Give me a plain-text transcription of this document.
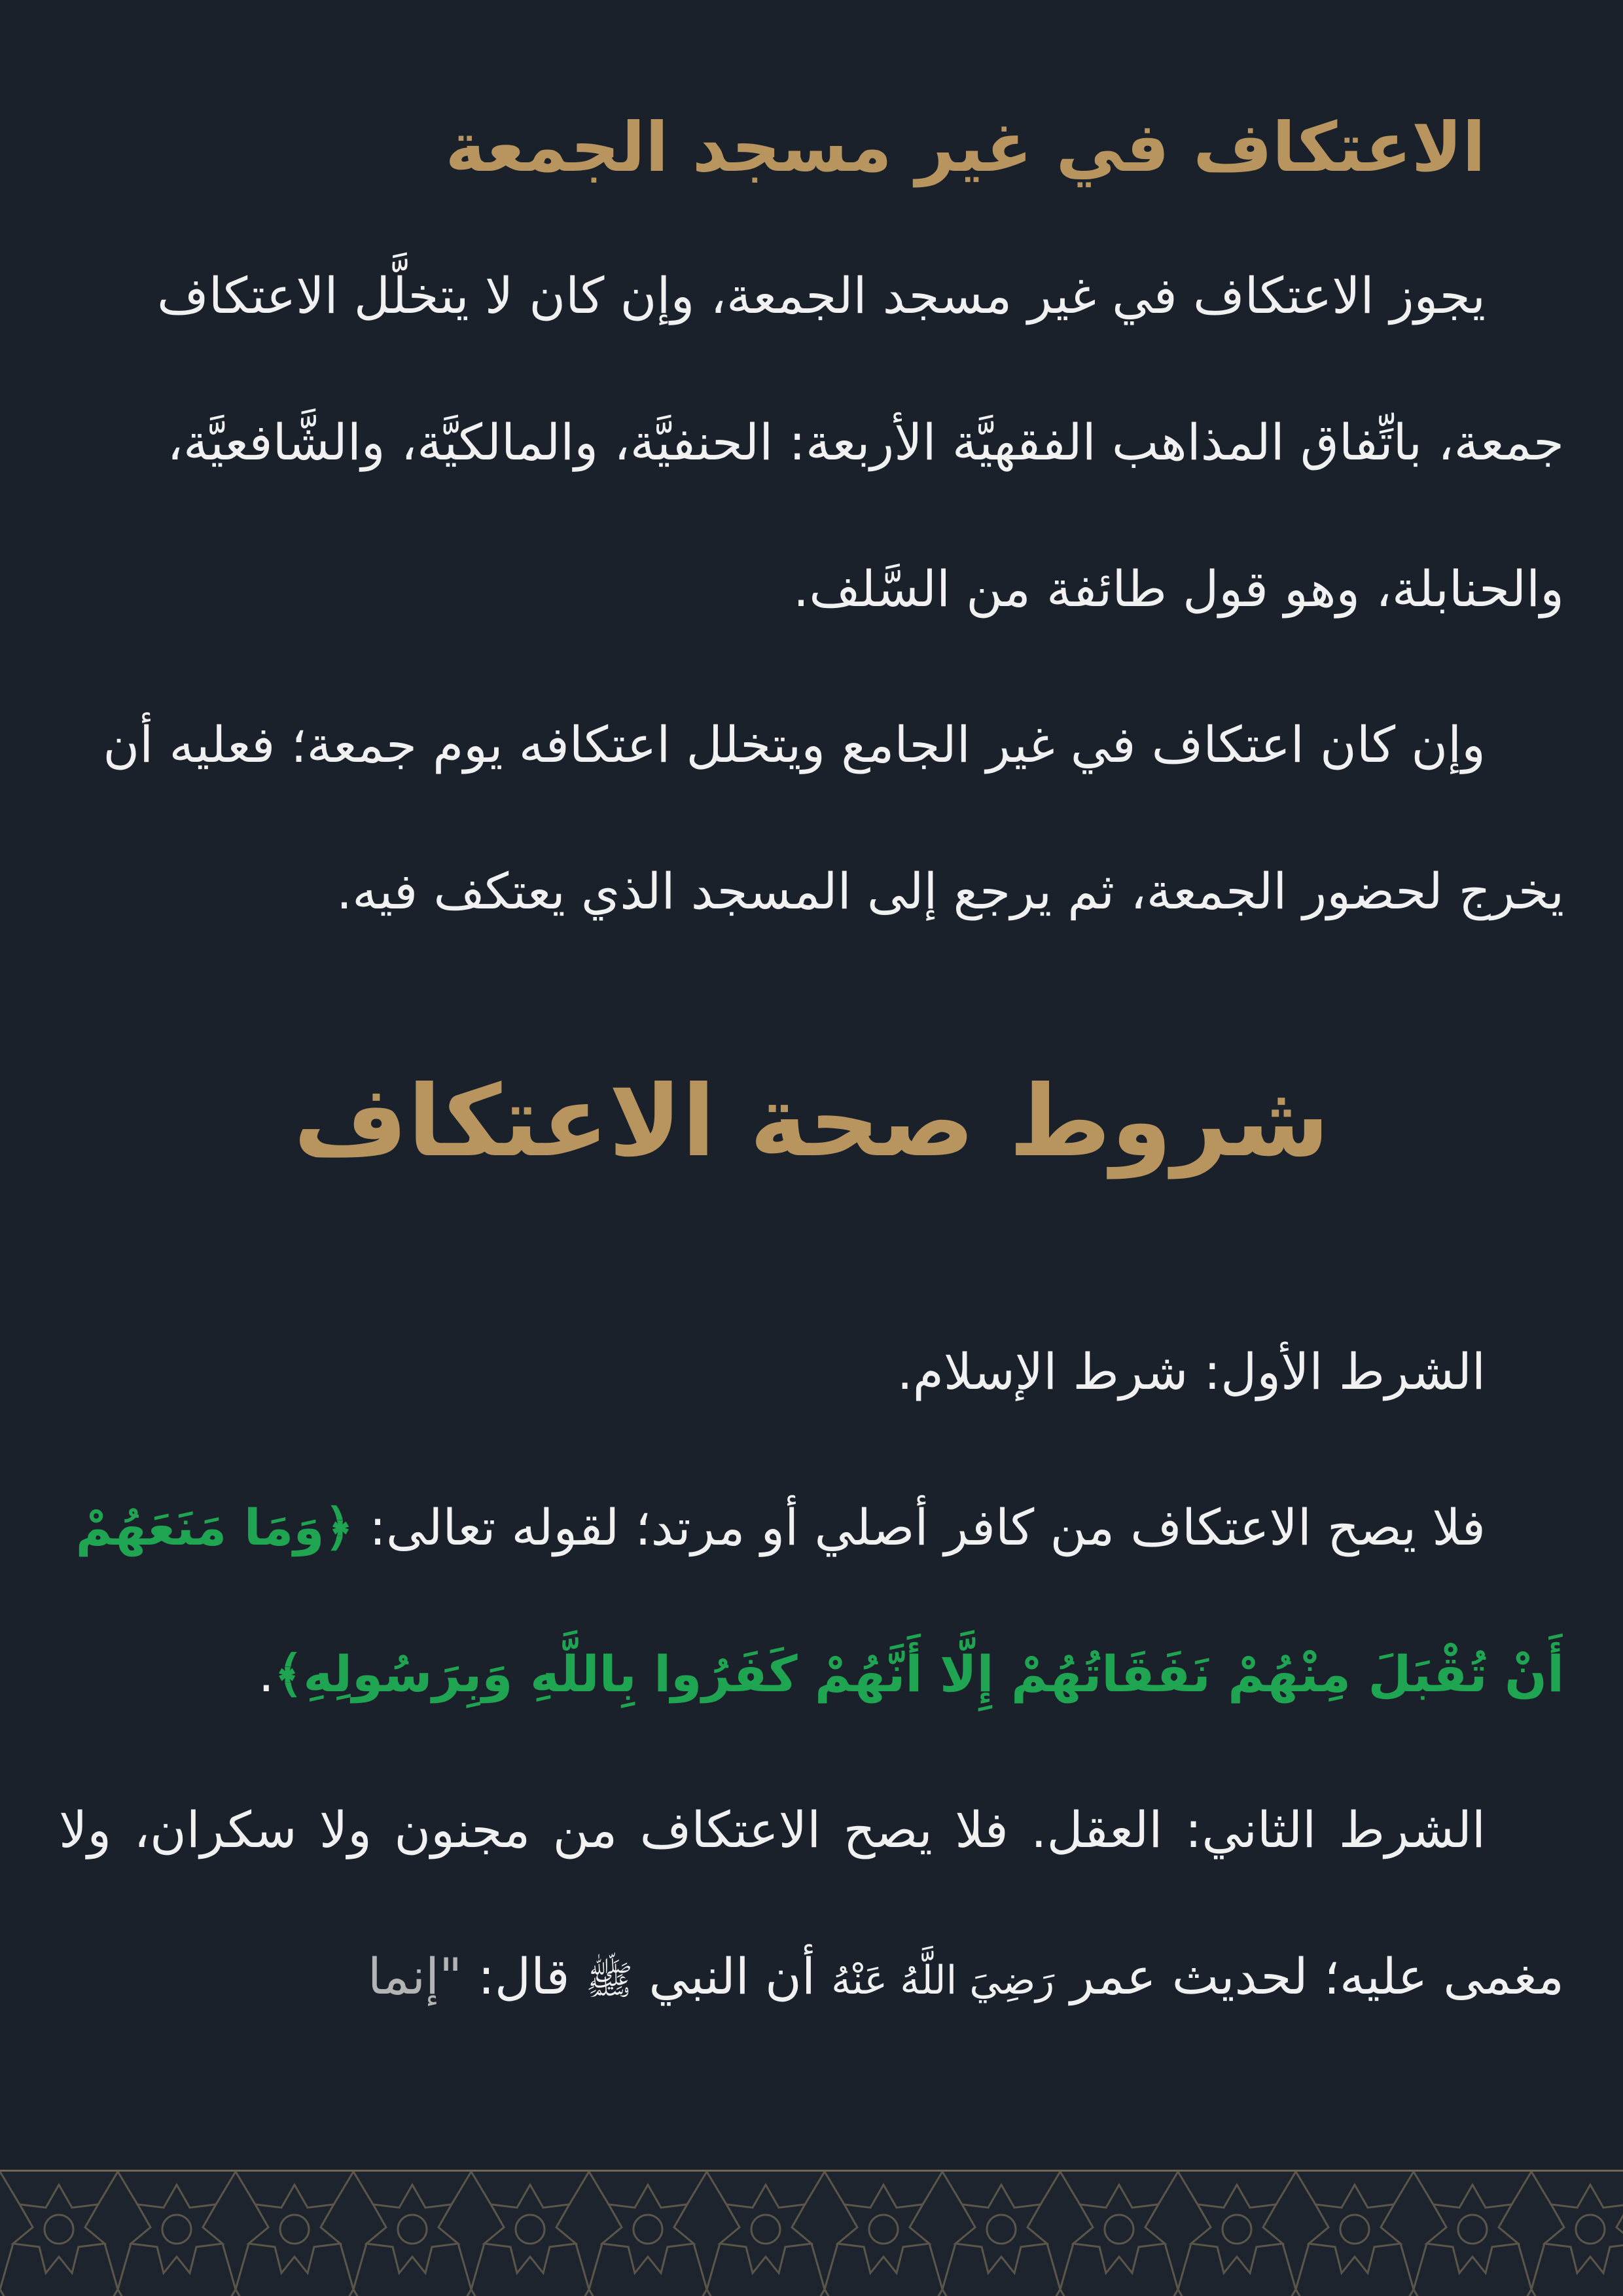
الاعتكاف في غير مسجد الجمعة

يجوز الاعتكاف في غير مسجد الجمعة، وإن كان لا يتخلَّل الاعتكاف جمعة، باتِّفاق المذاهب الفقهيَّة الأربعة: الحنفيَّة، والمالكيَّة، والشَّافعيَّة، والحنابلة، وهو قول طائفة من السَّلف.

وإن كان اعتكاف في غير الجامع ويتخلل اعتكافه يوم جمعة؛ فعليه أن يخرج لحضور الجمعة، ثم يرجع إلى المسجد الذي يعتكف فيه.

شروط صحة الاعتكاف

الشرط الأول: شرط الإسلام.

فلا يصح الاعتكاف من كافر أصلي أو مرتد؛ لقوله تعالى: ﴿وَمَا مَنَعَهُمْ أَنْ تُقْبَلَ مِنْهُمْ نَفَقَاتُهُمْ إِلَّا أَنَّهُمْ كَفَرُوا بِاللَّهِ وَبِرَسُولِهِ﴾.

الشرط الثاني: العقل. فلا يصح الاعتكاف من مجنون ولا سكران، ولا مغمى عليه؛ لحديث عمر رَضِيَ اللَّهُ عَنْهُ أن النبي ﷺ قال: "إنما
